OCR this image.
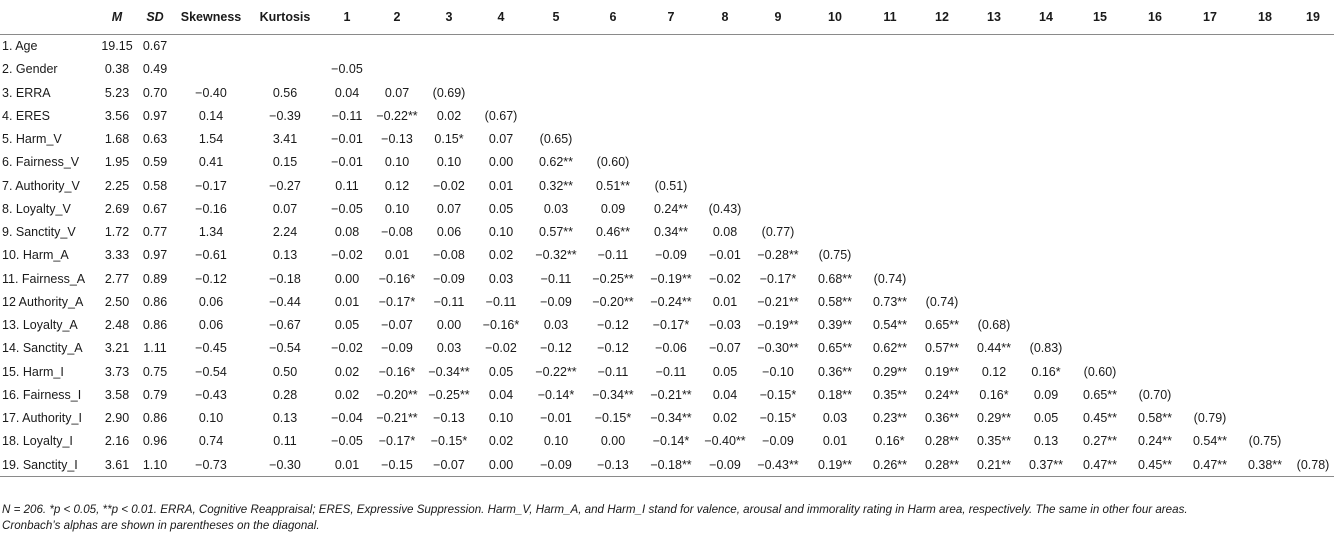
	M	SD	Skewness	Kurtosis	1	2	3	4	5	6	7	8	9	10	11	12	13	14	15	16	17	18	19
1. Age	19.15	0.67																					
2. Gender	0.38	0.49			−0.05																		
3. ERRA	5.23	0.70	−0.40	0.56	0.04	0.07	(0.69)																
4. ERES	3.56	0.97	0.14	−0.39	−0.11	−0.22**	0.02	(0.67)															
5. Harm_V	1.68	0.63	1.54	3.41	−0.01	−0.13	0.15*	0.07	(0.65)														
6. Fairness_V	1.95	0.59	0.41	0.15	−0.01	0.10	0.10	0.00	0.62**	(0.60)													
7. Authority_V	2.25	0.58	−0.17	−0.27	0.11	0.12	−0.02	0.01	0.32**	0.51**	(0.51)												
8. Loyalty_V	2.69	0.67	−0.16	0.07	−0.05	0.10	0.07	0.05	0.03	0.09	0.24**	(0.43)											
9. Sanctity_V	1.72	0.77	1.34	2.24	0.08	−0.08	0.06	0.10	0.57**	0.46**	0.34**	0.08	(0.77)										
10. Harm_A	3.33	0.97	−0.61	0.13	−0.02	0.01	−0.08	0.02	−0.32**	−0.11	−0.09	−0.01	−0.28**	(0.75)									
11. Fairness_A	2.77	0.89	−0.12	−0.18	0.00	−0.16*	−0.09	0.03	−0.11	−0.25**	−0.19**	−0.02	−0.17*	0.68**	(0.74)								
12 Authority_A	2.50	0.86	0.06	−0.44	0.01	−0.17*	−0.11	−0.11	−0.09	−0.20**	−0.24**	0.01	−0.21**	0.58**	0.73**	(0.74)							
13. Loyalty_A	2.48	0.86	0.06	−0.67	0.05	−0.07	0.00	−0.16*	0.03	−0.12	−0.17*	−0.03	−0.19**	0.39**	0.54**	0.65**	(0.68)						
14. Sanctity_A	3.21	1.11	−0.45	−0.54	−0.02	−0.09	0.03	−0.02	−0.12	−0.12	−0.06	−0.07	−0.30**	0.65**	0.62**	0.57**	0.44**	(0.83)					
15. Harm_I	3.73	0.75	−0.54	0.50	0.02	−0.16*	−0.34**	0.05	−0.22**	−0.11	−0.11	0.05	−0.10	0.36**	0.29**	0.19**	0.12	0.16*	(0.60)				
16. Fairness_I	3.58	0.79	−0.43	0.28	0.02	−0.20**	−0.25**	0.04	−0.14*	−0.34**	−0.21**	0.04	−0.15*	0.18**	0.35**	0.24**	0.16*	0.09	0.65**	(0.70)			
17. Authority_I	2.90	0.86	0.10	0.13	−0.04	−0.21**	−0.13	0.10	−0.01	−0.15*	−0.34**	0.02	−0.15*	0.03	0.23**	0.36**	0.29**	0.05	0.45**	0.58**	(0.79)		
18. Loyalty_I	2.16	0.96	0.74	0.11	−0.05	−0.17*	−0.15*	0.02	0.10	0.00	−0.14*	−0.40**	−0.09	0.01	0.16*	0.28**	0.35**	0.13	0.27**	0.24**	0.54**	(0.75)	
19. Sanctity_I	3.61	1.10	−0.73	−0.30	0.01	−0.15	−0.07	0.00	−0.09	−0.13	−0.18**	−0.09	−0.43**	0.19**	0.26**	0.28**	0.21**	0.37**	0.47**	0.45**	0.47**	0.38**	(0.78)
N = 206. *p < 0.05, **p < 0.01. ERRA, Cognitive Reappraisal; ERES, Expressive Suppression. Harm_V, Harm_A, and Harm_I stand for valence, arousal and immorality rating in Harm area, respectively. The same in other four areas.
Cronbach’s alphas are shown in parentheses on the diagonal.
